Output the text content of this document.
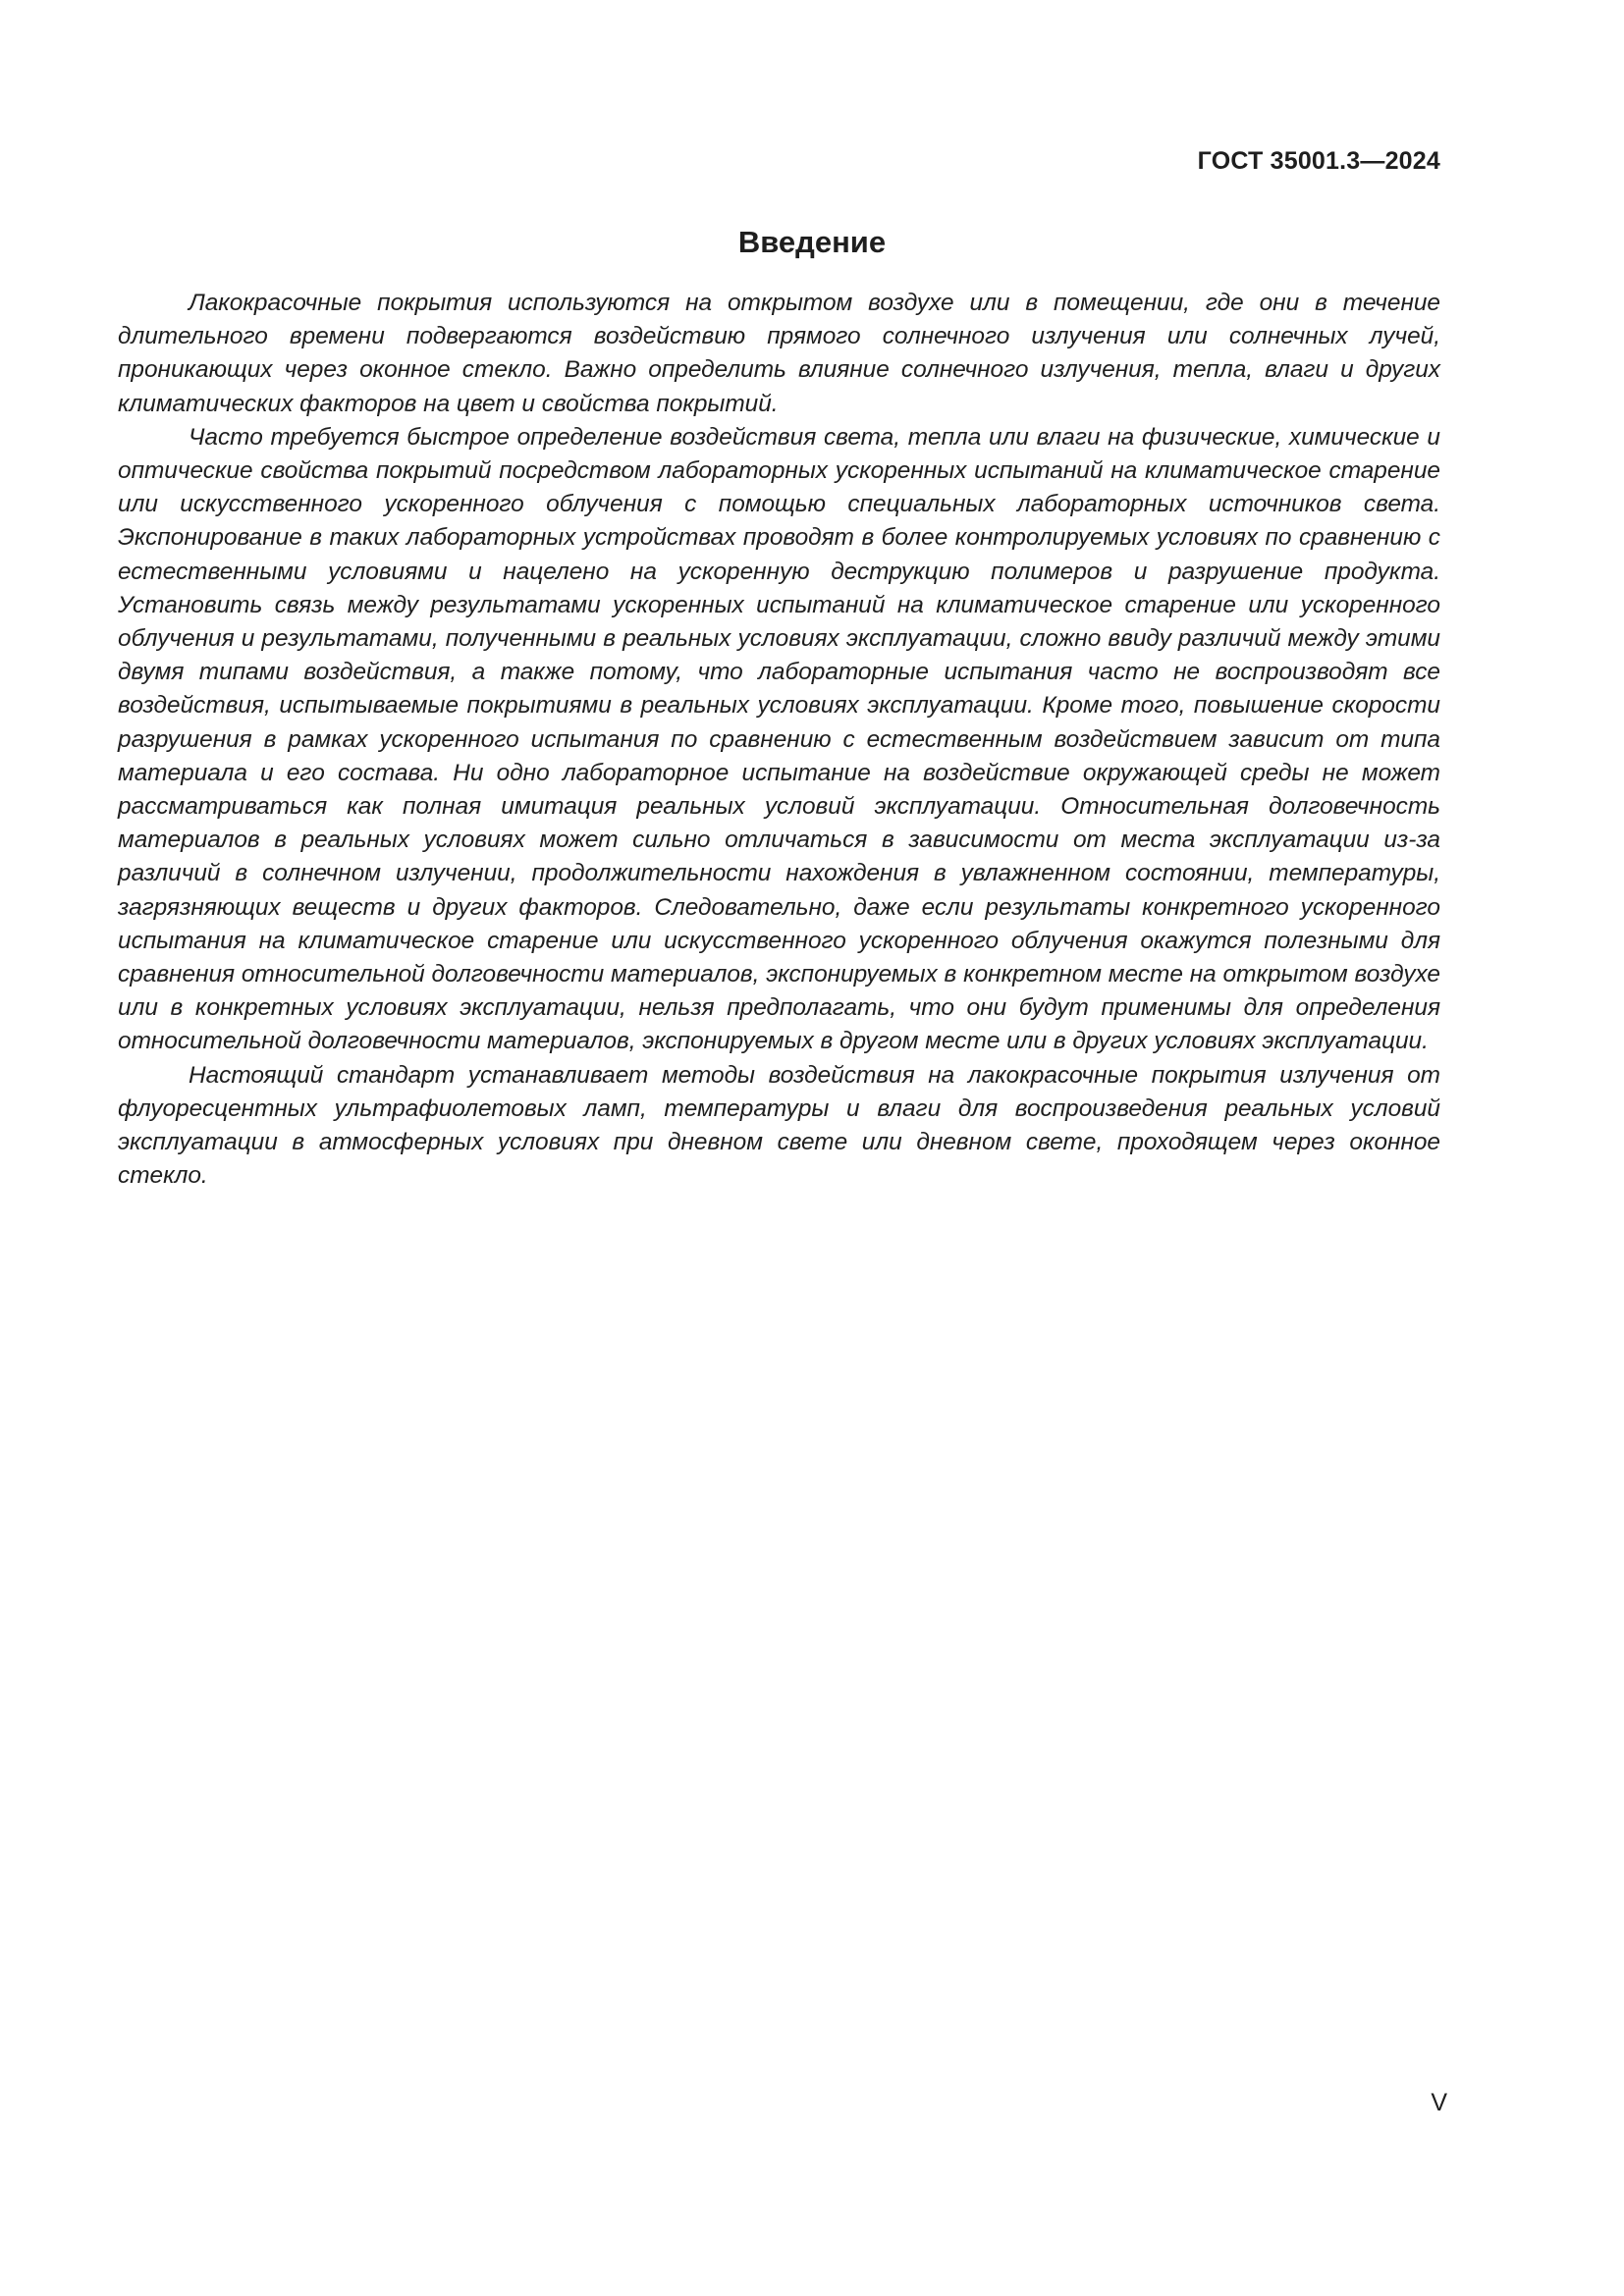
ГОСТ 35001.3—2024
Введение

Лакокрасочные покрытия используются на открытом воздухе или в помещении, где они в течение длительного времени подвергаются воздействию прямого солнечного излучения или солнечных лучей, проникающих через оконное стекло. Важно определить влияние солнечного излучения, тепла, влаги и других климатических факторов на цвет и свойства покрытий.

Часто требуется быстрое определение воздействия света, тепла или влаги на физические, химические и оптические свойства покрытий посредством лабораторных ускоренных испытаний на климатическое старение или искусственного ускоренного облучения с помощью специальных лабораторных источников света. Экспонирование в таких лабораторных устройствах проводят в более контролируемых условиях по сравнению с естественными условиями и нацелено на ускоренную деструкцию полимеров и разрушение продукта. Установить связь между результатами ускоренных испытаний на климатическое старение или ускоренного облучения и результатами, полученными в реальных условиях эксплуатации, сложно ввиду различий между этими двумя типами воздействия, а также потому, что лабораторные испытания часто не воспроизводят все воздействия, испытываемые покрытиями в реальных условиях эксплуатации. Кроме того, повышение скорости разрушения в рамках ускоренного испытания по сравнению с естественным воздействием зависит от типа материала и его состава. Ни одно лабораторное испытание на воздействие окружающей среды не может рассматриваться как полная имитация реальных условий эксплуатации. Относительная долговечность материалов в реальных условиях может сильно отличаться в зависимости от места эксплуатации из-за различий в солнечном излучении, продолжительности нахождения в увлажненном состоянии, температуры, загрязняющих веществ и других факторов. Следовательно, даже если результаты конкретного ускоренного испытания на климатическое старение или искусственного ускоренного облучения окажутся полезными для сравнения относительной долговечности материалов, экспонируемых в конкретном месте на открытом воздухе или в конкретных условиях эксплуатации, нельзя предполагать, что они будут применимы для определения относительной долговечности материалов, экспонируемых в другом месте или в других условиях эксплуатации.

Настоящий стандарт устанавливает методы воздействия на лакокрасочные покрытия излучения от флуоресцентных ультрафиолетовых ламп, температуры и влаги для воспроизведения реальных условий эксплуатации в атмосферных условиях при дневном свете или дневном свете, проходящем через оконное стекло.

V
